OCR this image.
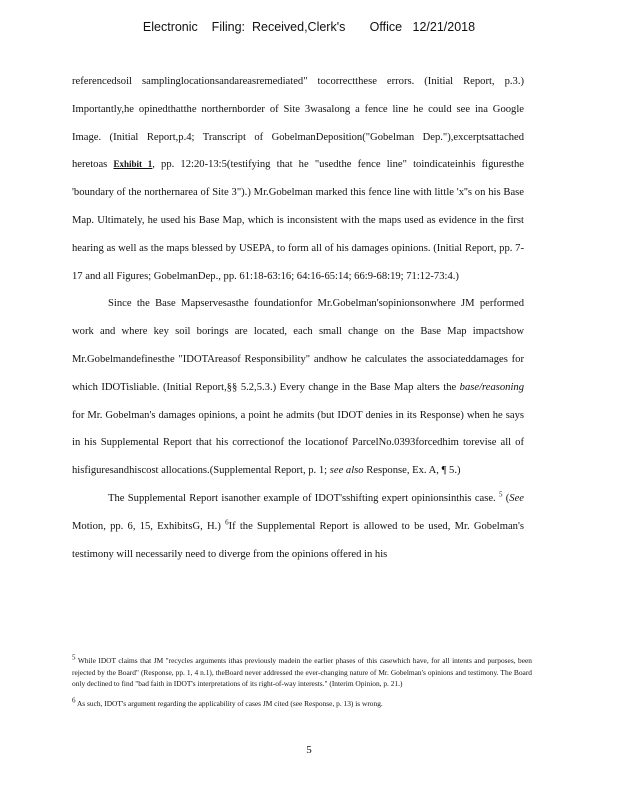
Electronic    Filing:  Received,Clerk's       Office   12/21/2018

referencedsoil samplinglocationsandareasremediated" tocorrectthese errors. (Initial Report, p.3.) Importantly,he opinedthatthe northernborder of Site 3wasalong a fence line he could see ina Google Image. (Initial Report,p.4; Transcript of GobelmanDeposition("Gobelman Dep."),excerptsattached heretoas Exhibit 1, pp. 12:20-13:5(testifying that he "usedthe fence line" toindicateinhis figuresthe 'boundary of the northernarea of Site 3").) Mr.Gobelman marked this fence line with little 'x''s on his Base Map. Ultimately, he used his Base Map, which is inconsistent with the maps used as evidence in the first hearing as well as the maps blessed by USEPA, to form all of his damages opinions. (Initial Report, pp. 7-17 and all Figures; GobelmanDep., pp. 61:18-63:16; 64:16-65:14; 66:9-68:19; 71:12-73:4.)

Since the Base Mapservesasthe foundationfor Mr.Gobelman'sopinionsonwhere JM performed work and where key soil borings are located, each small change on the Base Map impactshow Mr.Gobelmandefinesthe "IDOTAreasof Responsibility" andhow he calculates the associateddamages for which IDOTisliable. (Initial Report,§§ 5.2,5.3.) Every change in the Base Map alters the base/reasoning for Mr. Gobelman's damages opinions, a point he admits (but IDOT denies in its Response) when he says in his Supplemental Report that his correctionof the locationof ParcelNo.0393forcedhim torevise all of hisfiguresandhiscost allocations.(Supplemental Report, p. 1; see also Response, Ex. A, ¶ 5.)

The Supplemental Report isanother example of IDOT'sshifting expert opinionsinthis case. $^5$ (See Motion, pp. 6, 15, ExhibitsG, H.) $^6$If the Supplemental Report is allowed to be used, Mr. Gobelman's testimony will necessarily need to diverge from the opinions offered in his

$^5$ While IDOT claims that JM "recycles arguments ithas previously madein the earlier phases of this casewhich have, for all intents and purposes, been rejected by the Board" (Response, pp. 1, 4 n.1), theBoard never addressed the ever-changing nature of Mr. Gobelman's opinions and testimony. The Board only declined to find "bad faith in IDOT's interpretations of its right-of-way interests." (Interim Opinion, p. 21.)

$^6$ As such, IDOT's argument regarding the applicability of cases JM cited (see Response, p. 13) is wrong.

5
